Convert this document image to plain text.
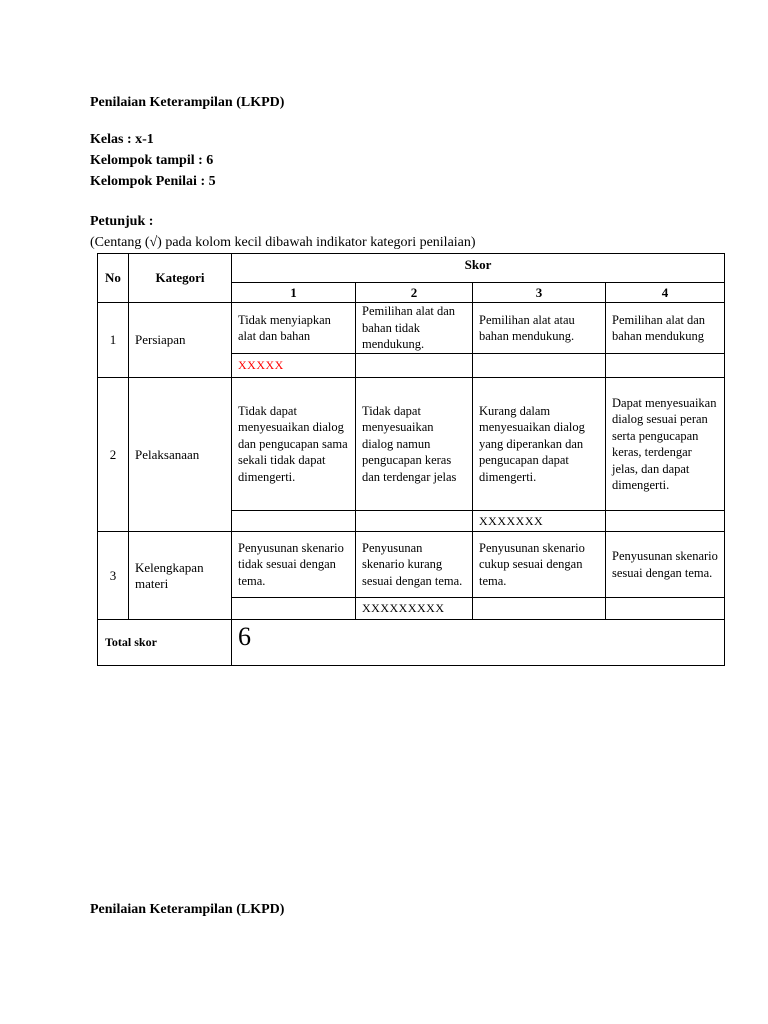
Penilaian Keterampilan (LKPD)
Kelas : x-1
Kelompok tampil : 6
Kelompok Penilai : 5
Petunjuk :
(Centang (√) pada kolom kecil dibawah indikator kategori penilaian)
No	Kategori	Skor			
		1	2	3	4
1	Persiapan	Tidak menyiapkan alat dan bahan	Pemilihan alat dan bahan tidak mendukung.	Pemilihan alat atau bahan mendukung.	Pemilihan alat dan bahan mendukung
		XXXXX			
2	Pelaksanaan	Tidak dapat menyesuaikan dialog dan pengucapan sama sekali tidak dapat dimengerti.	Tidak dapat menyesuaikan dialog namun pengucapan keras dan terdengar jelas	Kurang dalam menyesuaikan dialog yang diperankan dan pengucapan dapat dimengerti.	Dapat menyesuaikan dialog sesuai peran serta pengucapan keras, terdengar jelas, dan dapat dimengerti.
				XXXXXXX	
3	Kelengkapan materi	Penyusunan skenario tidak sesuai dengan tema.	Penyusunan skenario kurang sesuai dengan tema.	Penyusunan skenario cukup sesuai dengan tema.	Penyusunan skenario sesuai dengan tema.
			XXXXXXXXX		
Total skor		6			
Penilaian Keterampilan (LKPD)
